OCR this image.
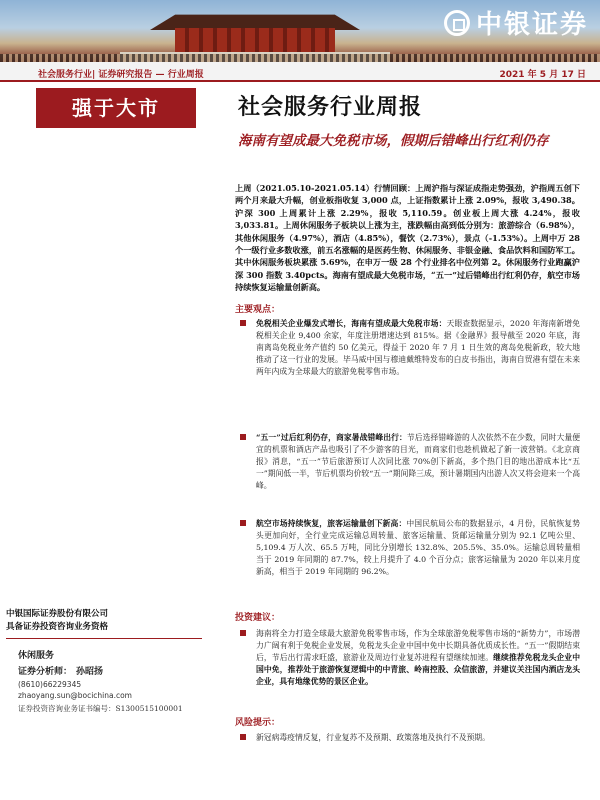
中银证券
社会服务行业| 证券研究报告 — 行业周报	2021 年 5 月 17 日
强于大市
中银国际证券股份有限公司
具备证券投资咨询业务资格
休闲服务
证券分析师： 孙昭扬
(8610)66229345
zhaoyang.sun@bocichina.com
证券投资咨询业务证书编号：S1300515100001
社会服务行业周报
海南有望成最大免税市场，假期后错峰出行红利仍存
上周（2021.05.10-2021.05.14）行情回顾：上周沪指与深证成指走势强劲，沪指周五创下两个月来最大升幅，创业板指收复 3,000 点，上证指数累计上涨 2.09%，报收 3,490.38。沪深 300 上周累计上涨 2.29%，报收 5,110.59。创业板上周大涨 4.24%，报收 3,033.81。上周休闲服务子板块以上涨为主，涨跌幅由高到低分别为：旅游综合（6.98%），其他休闲服务（4.97%），酒店（4.85%），餐饮（2.73%），景点（-1.53%）。上周中万 28 个一级行业多数收涨，前五名涨幅的是医药生物、休闲服务、非银金融、食品饮料和国防军工。其中休闲服务板块累涨 5.69%，在申万一级 28 个行业排名中位列第 2。休闲服务行业跑赢沪深 300 指数 3.40pcts。海南有望成最大免税市场，“五一”过后错峰出行红利仍存，航空市场持续恢复运输量创新高。
主要观点：
免税相关企业爆发式增长，海南有望成最大免税市场：天眼查数据显示，2020 年海南新增免税相关企业 9,400 余家，年度注册增速达到 815%。据《金融界》报导截至 2020 年底，海南离岛免税业务产值约 50 亿美元，得益于 2020 年 7 月 1 日生效的离岛免税新政，较大地推动了这一行业的发展。毕马威中国与穆迪戴维特发布的白皮书指出，海南自贸港有望在未来两年内成为全球最大的旅游免税零售市场。
“五一”过后红利仍存，商家暑战错峰出行：节后选择错峰游的人次依然不在少数，同时大量便宜的机票和酒店产品也吸引了不少游客的目光，而商家们也趁机做起了新一波营销。《北京商报》消息，“五一”节后旅游预订人次同比涨 70%创下新高，多个热门目的地出游成本比“五一”期间低一半，节后机票均价较“五一”期间降三成，预计暑期国内出游人次又将会迎来一个高峰。
航空市场持续恢复，旅客运输量创下新高：中国民航局公布的数据显示，4 月份，民航恢复势头更加向好，全行业完成运输总周转量、旅客运输量、货邮运输量分别为 92.1 亿吨公里、5,109.4 万人次、65.5 万吨，同比分别增长 132.8%、205.5%、35.0%。运输总周转量相当于 2019 年同期的 87.7%，较上月提升了 4.0 个百分点；旅客运输量为 2020 年以来月度新高，相当于 2019 年同期的 96.2%。
投资建议：
海南将全力打造全球最大旅游免税零售市场，作为全球旅游免税零售市场的“新势力”，市场潜力广阔有利于免税企业发展，免税龙头企业中国中免中长期具备优质成长性。“五一”假期结束后，节后出行需求旺盛，旅游业及周边行业复苏进程有望继续加速。继续推荐免税龙头企业中国中免，推荐处于旅游恢复逻辑中的中青旅、岭南控股、众信旅游，并建议关注国内酒店龙头企业，具有地缘优势的景区企业。
风险提示：
新冠病毒疫情反复，行业复苏不及预期、政策落地及执行不及预期。
